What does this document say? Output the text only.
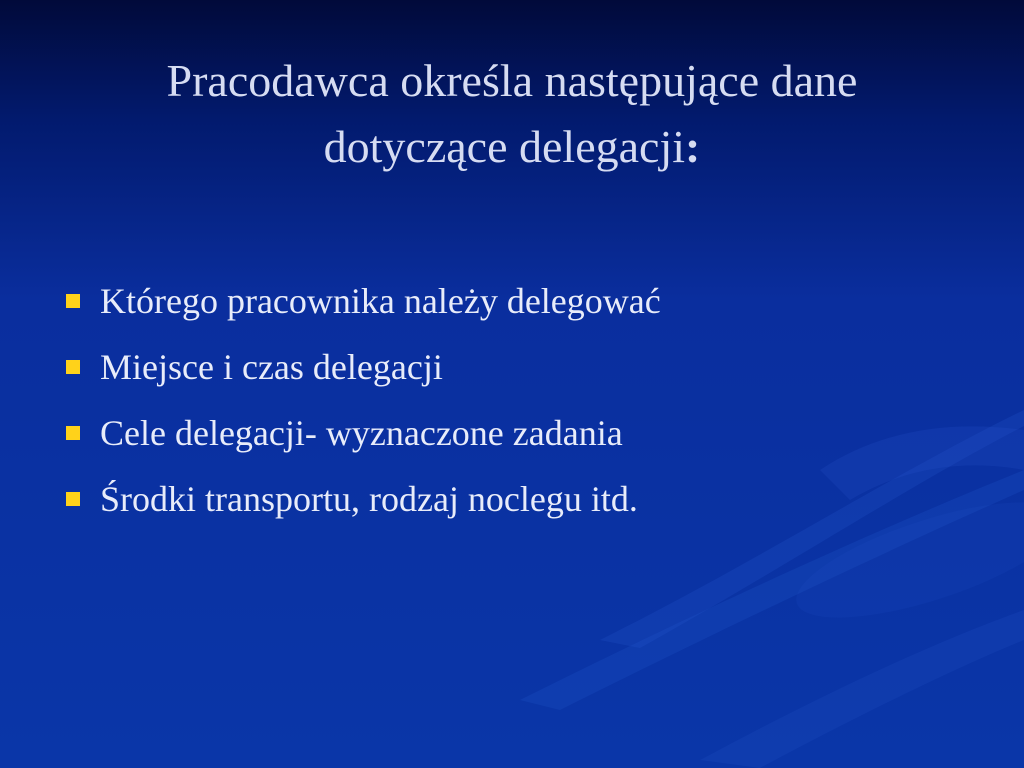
Pracodawca określa następujące dane
dotyczące delegacji:
Którego pracownika należy delegować
Miejsce i czas delegacji
Cele delegacji- wyznaczone zadania
Środki transportu, rodzaj noclegu itd.
